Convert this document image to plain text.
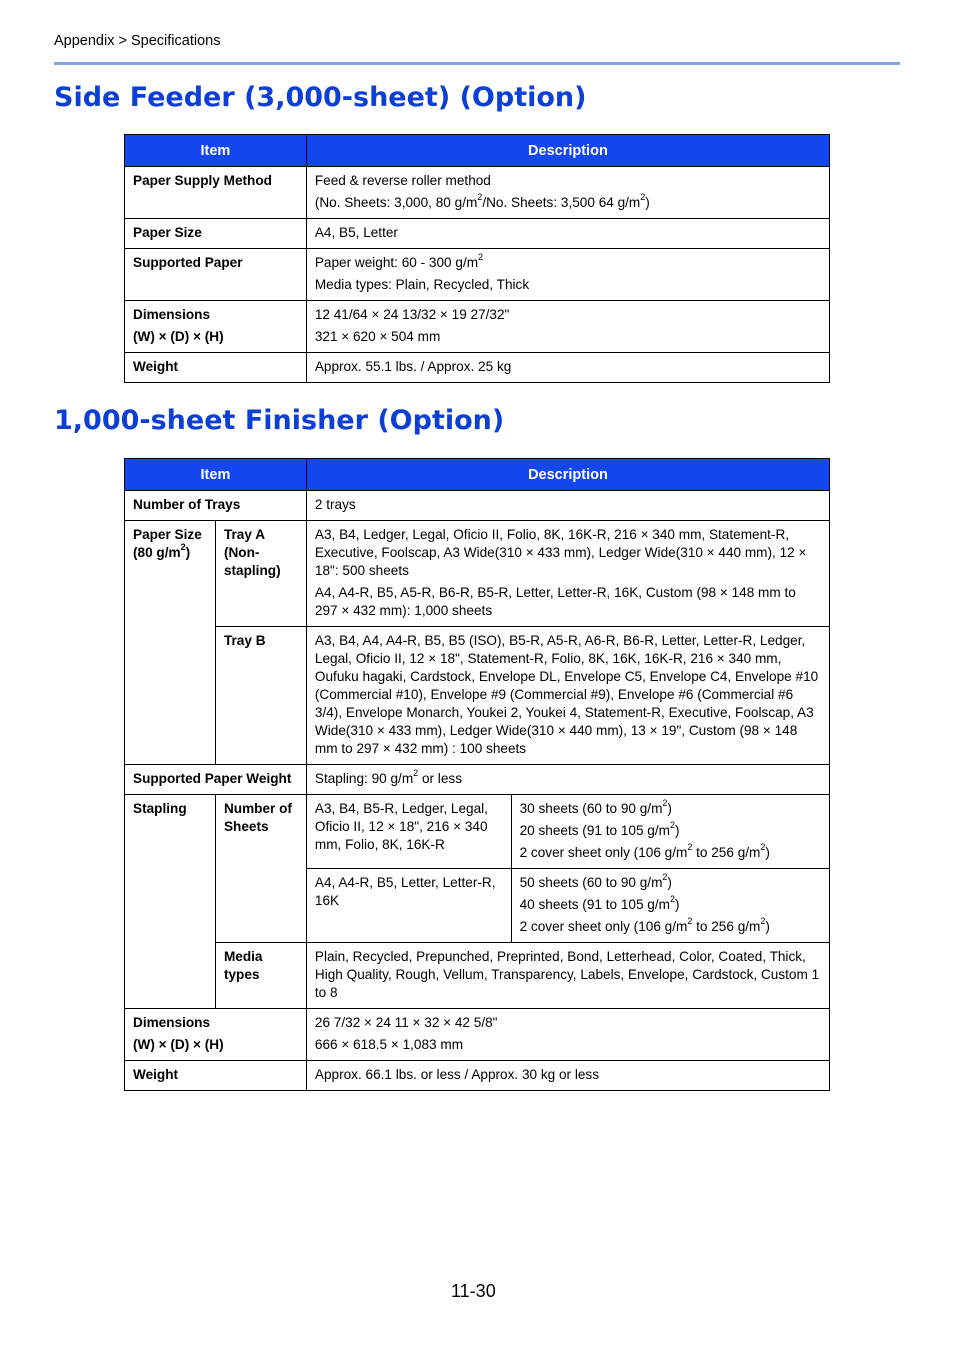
Appendix > Specifications
Side Feeder (3,000-sheet) (Option)
Item	Description
Paper Supply Method	Feed & reverse roller method
(No. Sheets: 3,000, 80 $g/m^2/No$. Sheets: 3,500 64 $g/m^2$)

Paper Size	A4, B5, Letter
Supported Paper	Paper weight: 60 - 300 $g/m^2$
Media types: Plain, Recycled, Thick

Dimensions
(W) × (D) × (H)	12 41/64 × 24 13/32 × 19 27/32"
321 × 620 × 504 mm

Weight	Approx. 55.1 lbs. / Approx. 25 kg
1,000-sheet Finisher (Option)
Item		Description	
Number of Trays		2 trays	

Paper Size
(80 $g/m^2$)	Tray A (Non-stapling)	A3, B4, Ledger, Legal, Oficio II, Folio, 8K, 16K-R, 216 × 340 mm, Statement-R, Executive, Foolscap, A3 Wide(310 × 433 mm), Ledger Wide(310 × 440 mm), 12 × 18": 500 sheets
A4, A4-R, B5, A5-R, B6-R, B5-R, Letter, Letter-R, 16K, Custom (98 × 148 mm to 297 × 432 mm): 1,000 sheets	

	Tray B	A3, B4, A4, A4-R, B5, B5 (ISO), B5-R, A5-R, A6-R, B6-R, Letter, Letter-R, Ledger, Legal, Oficio II, 12 × 18", Statement-R, Folio, 8K, 16K, 16K-R, 216 × 340 mm, Oufuku hagaki, Cardstock, Envelope DL, Envelope C5, Envelope C4, Envelope #10 (Commercial #10), Envelope #9 (Commercial #9), Envelope #6 (Commercial #6 3/4), Envelope Monarch, Youkei 2, Youkei 4, Statement-R, Executive, Foolscap, A3 Wide(310 × 433 mm), Ledger Wide(310 × 440 mm), 13 × 19", Custom (98 × 148 mm to 297 × 432 mm) : 100 sheets	
Supported Paper Weight		Stapling: 90 $g/m^2$ or less	
Stapling	Number of Sheets	A3, B4, B5-R, Ledger, Legal, Oficio II, 12 × 18", 216 × 340 mm, Folio, 8K, 16K-R	30 sheets (60 to 90 $g/m^2$)
20 sheets (91 to 105 $g/m^2$)
2 cover sheet only (106 $g/m^2$ to 256 $g/m^2$)

		A4, A4-R, B5, Letter, Letter-R, 16K	50 sheets (60 to 90 $g/m^2$)
40 sheets (91 to 105 $g/m^2$)
2 cover sheet only (106 $g/m^2$ to 256 $g/m^2$)

	Media types	Plain, Recycled, Prepunched, Preprinted, Bond, Letterhead, Color, Coated, Thick, High Quality, Rough, Vellum, Transparency, Labels, Envelope, Cardstock, Custom 1 to 8	

Dimensions
(W) × (D) × (H)		26 7/32 × 24 11 × 32 × 42 5/8"
666 × 618.5 × 1,083 mm	

Weight		Approx. 66.1 lbs. or less / Approx. 30 kg or less	
11-30
